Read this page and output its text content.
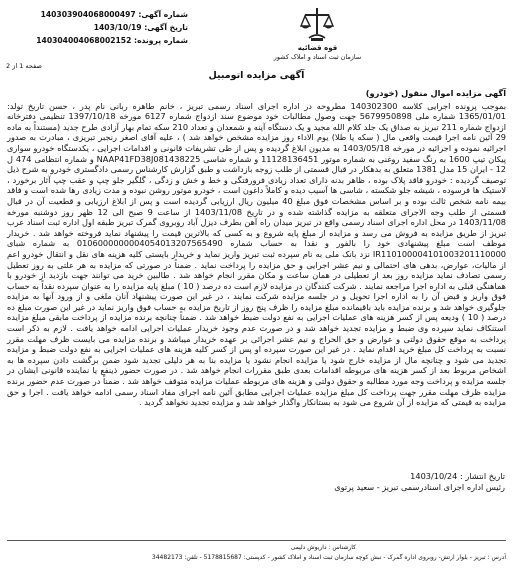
شماره آگهی: 140303904068000497
تاریخ آگهی: 1403/10/19
شماره پرونده: 140304004068002152
قوه قضائیه
سازمان ثبت اسناد و املاک کشور
صفحه 1 از 2
آگهی مزایده اتومبیل

آگهی مزایده اموال منقول (خودرو)

بموجب پرونده اجرایی کلاسه 140302300 مطروحه در اداره اجرای اسناد رسمی تبریز ، خانم طاهره ربانی نام پدر ، حسن تاریخ تولد: 1365/01/01 شماره ملی 5679950898 جهت وصول مطالبات خود موضوع سند ازدواج شماره 6127 مورخه 1397/10/18 تنظیمی دفترخانه ازدواج شماره 211 تبریز به صداق یک جلد کلام الله مجید و یک دستگاه آینه و شمعدان و تعداد 210 سکه تمام بهار آزادی طرح جدید (مستنداً به ماده 29 آئین نامه اجرا قیمت واقعی مال ( سکه یا طلا) یوم الاداء روز مزایده مشخص خواهد شد ) ، علیه آقای اصغر رنجبر تبریزی ، مبادرت به صدور اجرائیه نموده و اجرائیه در مورخه 1403/05/18 به مدیون ابلاغ گردیده و پس از طی تشریفات قانونی و اقدامات اجرایی ، یکدستگاه خودرو سواری پیکان تیپ 1600 به رنگ سفید روغنی به شماره موتور 11128136451 و شماره شاسی NAAP41FD38J081438225 و شماره انتظامی 474 ل 12 - ایران 15 مدل 1381 متعلق به بدهکار در قبال قسمتی از طلب زوجه بازداشت و طبق گزارش کارشناس رسمی دادگستری خودرو به شرح ذیل توصیف گردیده : خودرو فاقد پلاک بوده ، ظاهر بدنه دارای تعداد زیادی فرورفتگی و خط و خش و زدگی ، گلگیر جلو چپ و عقب چپ آثار برخورد ، لاستیک ها فرسوده ، شیشه جلو شکسته ، شاسی ها آسیب دیده و کاملاً داغون است ، خودرو موتور روشن نبوده و مدت زیادی رها شده است و فاقد بیمه نامه شخص ثالث بوده و بر اساس مشخصات فوق مبلغ 40 میلیون ریال ارزیابی گردیده است و پس از ابلاغ ارزیابی و قطعیت آن در قبال قسمتی از طلب وجه الاجرای متعلقه به مزایده گذاشته شده و در تاریخ 1403/11/08 از ساعت 9 صبح الی 12 ظهر روز دوشنبه مورخه 1403/11/08 در محل اداره اجرای اسناد رسمی واقع در تبریز میدان راه آهن بطرف دیزل آباد روبروی گمرک تبریز طبقه اول اداره ثبت اسناد عرب تبریز از طریق مزایده به فروش می رسد و مزایده از مبلغ پایه شروع و به کسی که بالاترین قیمت را پیشنهاد نماید فروخته خواهد شد . خریدار موظف است مبلغ پیشنهادی خود را بالفور و نقداً به حساب شماره 0106000000004054013207565490 به شماره شبای IR110100004101003201110000 نزد بانک ملی به نام سپرده ثبت تبریز واریز نماید و خریدار بایستی کلیه هزینه های نقل و انتقال خودرو اعم از مالیات، عوارض، بدهی های احتمالی و نیم عشر اجرایی و حق مزایده را پرداخت نماید . ضمناً در صورتی که مزایده به هر علتی به روز تعطیل رسمی تصادف نماید مزایده روز بعد از تعطیلی در همان ساعت و مکان مقرر انجام خواهد شد . طالبین خرید می توانند جهت بازدید از خودرو با هماهنگی قبلی به اداره اجرا مراجعه نمایند . شرکت کنندگان در مزایده لازم است ده درصد ( 10 ) مبلغ پایه مزایده را به عنوان سپرده نقداً به حساب فوق واریز و قبض آن را به اداره اجرا تحویل و در جلسه مزایده شرکت نمایند ، در غیر این صورت پیشنهاد آنان ملغی و از ورود آنها به مزایده جلوگیری خواهد شد و برنده مزایده باید باقیمانده مبلغ مزایده را ظرف پنج روز از تاریخ مزایده به حساب فوق واریز نماید در غیر این صورت مبلغ ده درصد ( 10 ) ودیعه پس از کسر هزینه های عملیات اجرایی به نفع دولت ضبط خواهد شد . ضمناً چنانچه برنده مزایده از پرداخت مابقی مبلغ مزایده استنکاف نماید سپرده وی ضبط و مزایده تجدید خواهد شد و در صورت عدم وجود خریدار عملیات اجرایی ادامه خواهد یافت . لازم به ذکر است پرداخت به موقع حقوق دولتی و عوارض و حق الحراج و نیم عشر اجرائی بر عهده خریدار میباشد و برنده مزایده می بایست ظرف مهلت مقرر نسبت به پرداخت کل مبلغ خرید اقدام نماید . در غیر این صورت سپرده او پس از کسر کلیه هزینه های عملیات اجرایی به نفع دولت ضبط و مزایده تجدید می شود و چنانچه مال از مزایده خارج شود یا مزایده انجام نشود یا مزایده بنا به هر دلیلی تجدید شود ضمن برگشت دادن سپرده ها به اشخاص مربوط بعد از کسر هزینه های مربوطه اقدامات بعدی طبق مقررات انجام خواهد شد . در صورت حضور ذینفع یا نماینده قانونی ایشان در جلسه مزایده و پرداخت وجه مورد مطالبه و حقوق دولتی و هزینه های مربوطه عملیات مزایده متوقف خواهد شد . ضمناً در صورت عدم حضور برنده مزایده ظرف مهلت مقرر جهت پرداخت کل مبلغ مزایده عملیات اجرایی مطابق آئین نامه اجرای مفاد اسناد رسمی ادامه خواهد یافت . اجرا و حق مزایده به قیمتی که مزایده از آن شروع می شود به بستانکار واگذار خواهد شد و مزایده تجدید نخواهد گردید .

تاریخ انتشار : 1403/10/24
رئیس اداره اجرای اسنادرسمی تبریز - سعید پرتوی
کارشناس : داریوش دلیمی
آدرس : تبریز - بلوار ارتش- روبروی اداره گمرک - نبش کوچه سازمان ثبت اسناد و املاک کشور - کدپستی: 5178815687 - تلفن: 34482173
